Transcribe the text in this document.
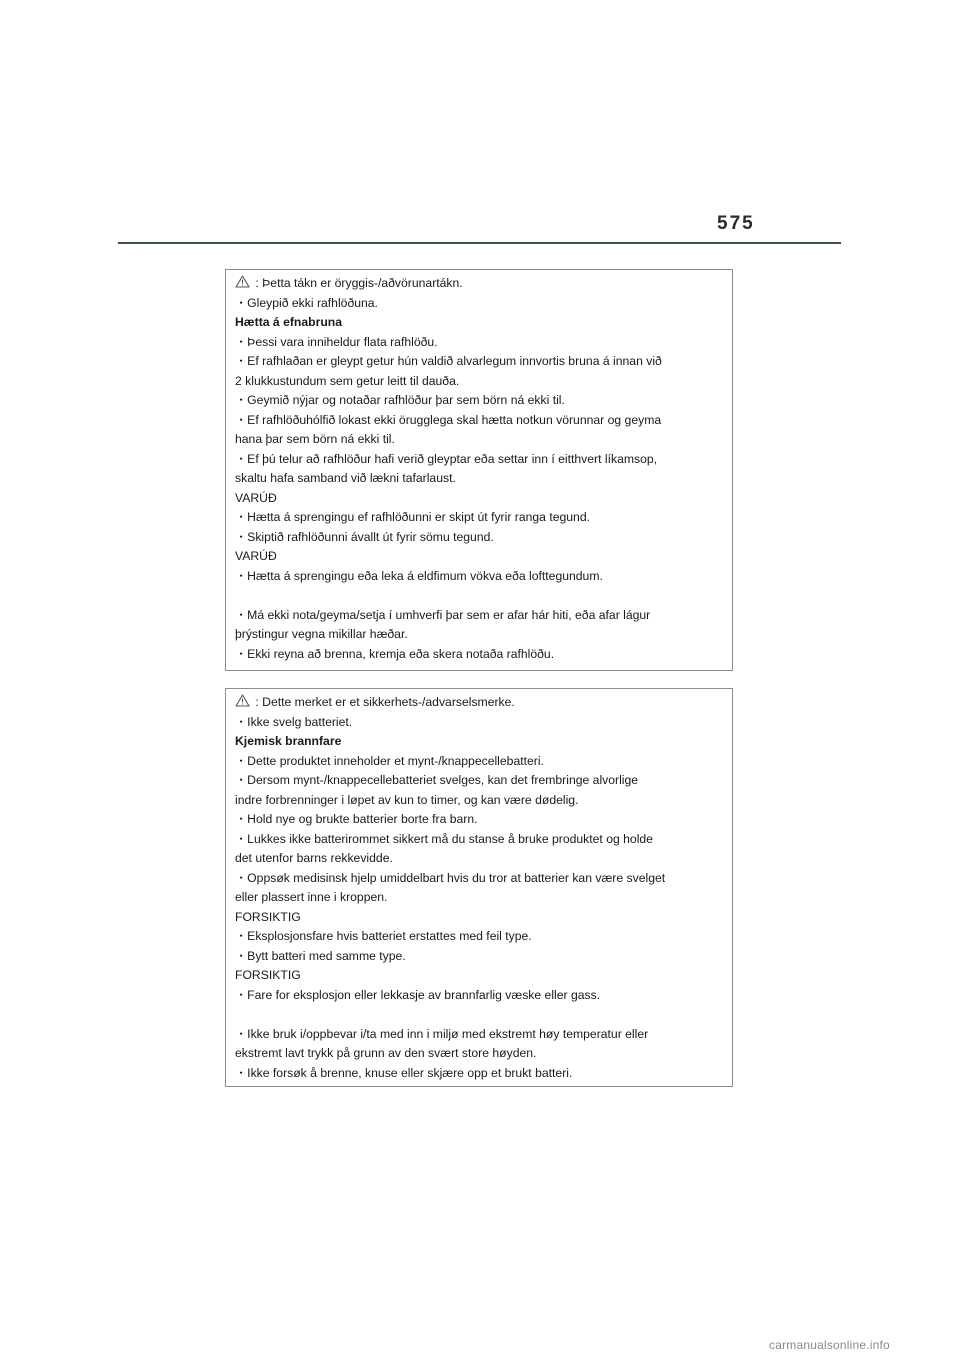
575
: Þetta tákn er öryggis-/aðvörunartákn.
・Gleypið ekki rafhlöðuna.
Hætta á efnabruna
・Þessi vara inniheldur flata rafhlöðu.
・Ef rafhlaðan er gleypt getur hún valdið alvarlegum innvortis bruna á innan við
2 klukkustundum sem getur leitt til dauða.
・Geymið nýjar og notaðar rafhlöður þar sem börn ná ekki til.
・Ef rafhlöðuhólfið lokast ekki örugglega skal hætta notkun vörunnar og geyma
hana þar sem börn ná ekki til.
・Ef þú telur að rafhlöður hafi verið gleyptar eða settar inn í eitthvert líkamsop,
skaltu hafa samband við lækni tafarlaust.
VARÚÐ
・Hætta á sprengingu ef rafhlöðunni er skipt út fyrir ranga tegund.
・Skiptið rafhlöðunni ávallt út fyrir sömu tegund.
VARÚÐ
・Hætta á sprengingu eða leka á eldfimum vökva eða lofttegundum.
・Má ekki nota/geyma/setja í umhverfi þar sem er afar hár hiti, eða afar lágur
þrýstingur vegna mikillar hæðar.
・Ekki reyna að brenna, kremja eða skera notaða rafhlöðu.
: Dette merket er et sikkerhets-/advarselsmerke.
・Ikke svelg batteriet.
Kjemisk brannfare
・Dette produktet inneholder et mynt-/knappecellebatteri.
・Dersom mynt-/knappecellebatteriet svelges, kan det frembringe alvorlige
indre forbrenninger i løpet av kun to timer, og kan være dødelig.
・Hold nye og brukte batterier borte fra barn.
・Lukkes ikke batterirommet sikkert må du stanse å bruke produktet og holde
det utenfor barns rekkevidde.
・Oppsøk medisinsk hjelp umiddelbart hvis du tror at batterier kan være svelget
eller plassert inne i kroppen.
FORSIKTIG
・Eksplosjonsfare hvis batteriet erstattes med feil type.
・Bytt batteri med samme type.
FORSIKTIG
・Fare for eksplosjon eller lekkasje av brannfarlig væske eller gass.
・Ikke bruk i/oppbevar i/ta med inn i miljø med ekstremt høy temperatur eller
ekstremt lavt trykk på grunn av den svært store høyden.
・Ikke forsøk å brenne, knuse eller skjære opp et brukt batteri.
carmanualsonline.info
